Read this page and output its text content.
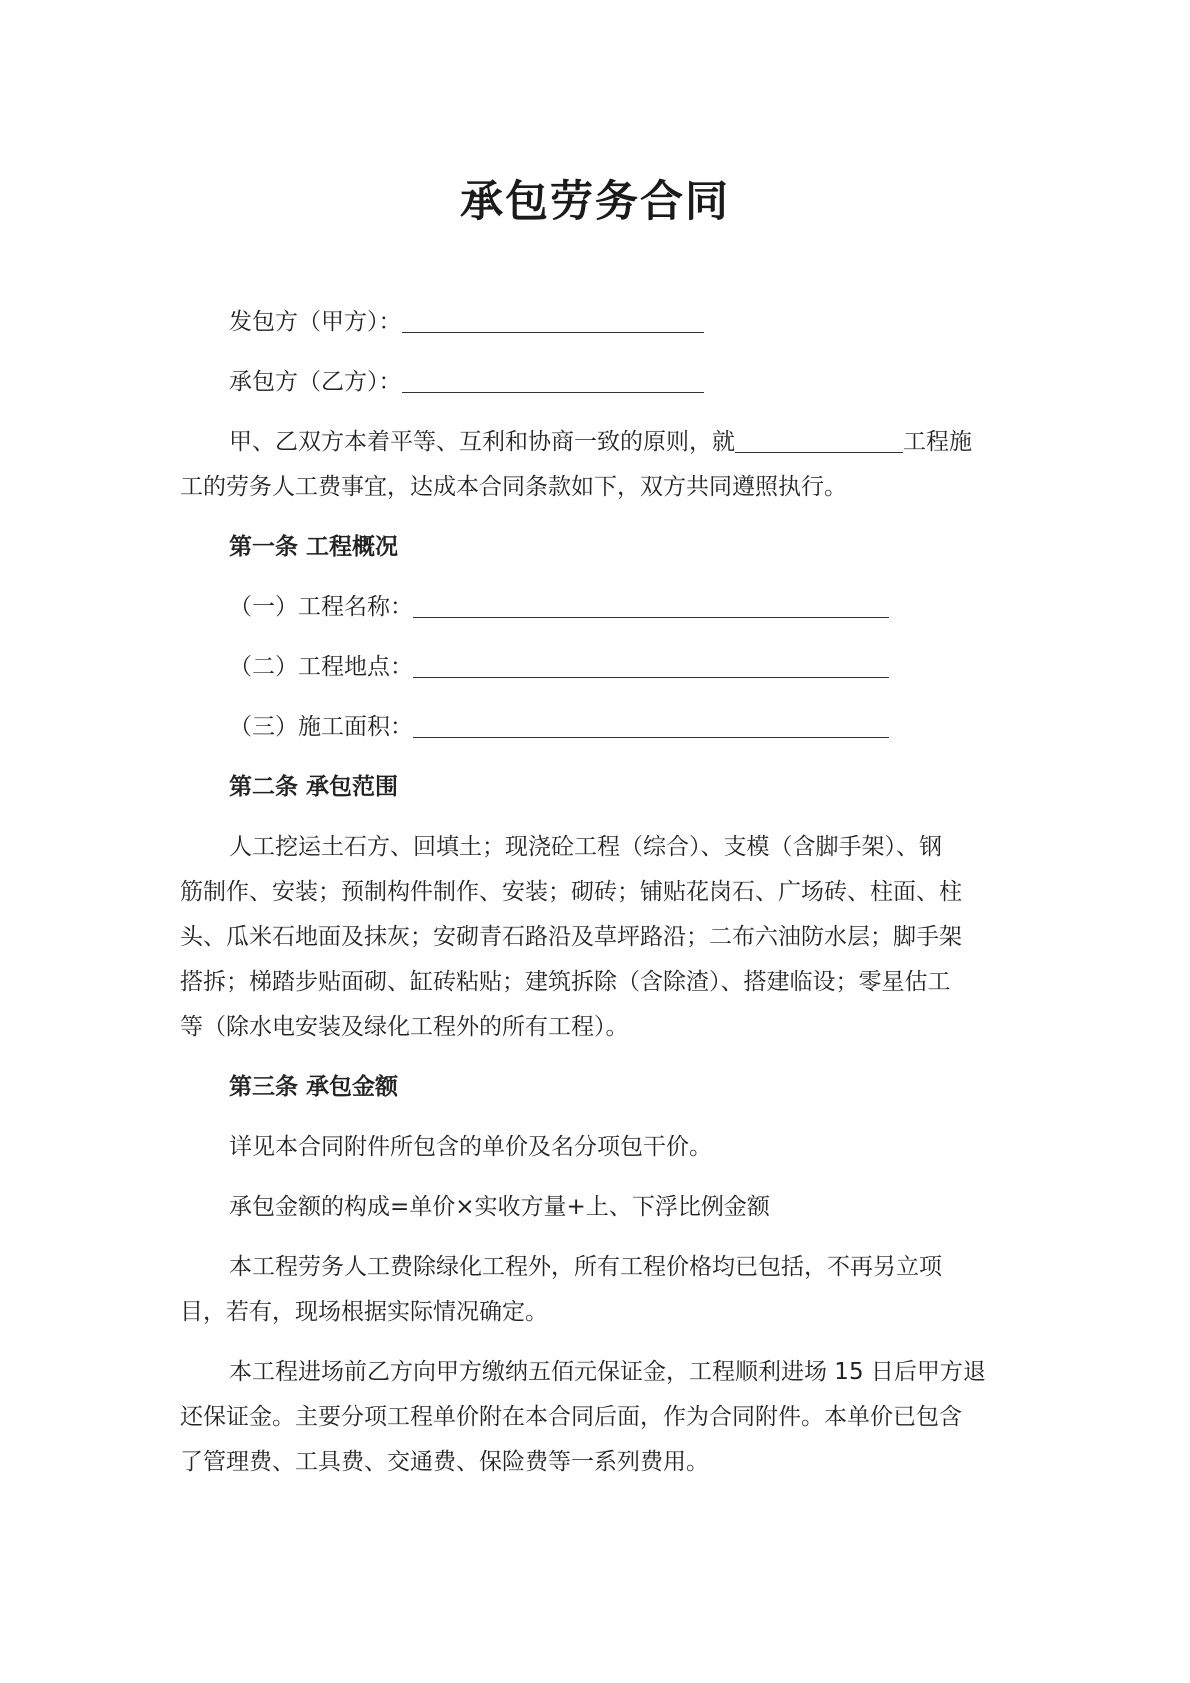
承包劳务合同
发包方（甲方）：
承包方（乙方）：
甲、乙双方本着平等、互利和协商一致的原则，就	工程施
工的劳务人工费事宜，达成本合同条款如下，双方共同遵照执行。
第一条 工程概况
（一）工程名称：
（二）工程地点：
（三）施工面积：
第二条 承包范围
人工挖运土石方、回填土；现浇砼工程（综合）、支模（含脚手架）、钢
筋制作、安装；预制构件制作、安装；砌砖；铺贴花岗石、广场砖、柱面、柱
头、瓜米石地面及抹灰；安砌青石路沿及草坪路沿；二布六油防水层；脚手架
搭拆；梯踏步贴面砌、缸砖粘贴；建筑拆除（含除渣）、搭建临设；零星估工
等（除水电安装及绿化工程外的所有工程）。
第三条 承包金额
详见本合同附件所包含的单价及名分项包干价。
承包金额的构成=单价×实收方量+上、下浮比例金额
本工程劳务人工费除绿化工程外，所有工程价格均已包括，不再另立项
目，若有，现场根据实际情况确定。
本工程进场前乙方向甲方缴纳五佰元保证金，工程顺利进场 15 日后甲方退
还保证金。主要分项工程单价附在本合同后面，作为合同附件。本单价已包含
了管理费、工具费、交通费、保险费等一系列费用。
